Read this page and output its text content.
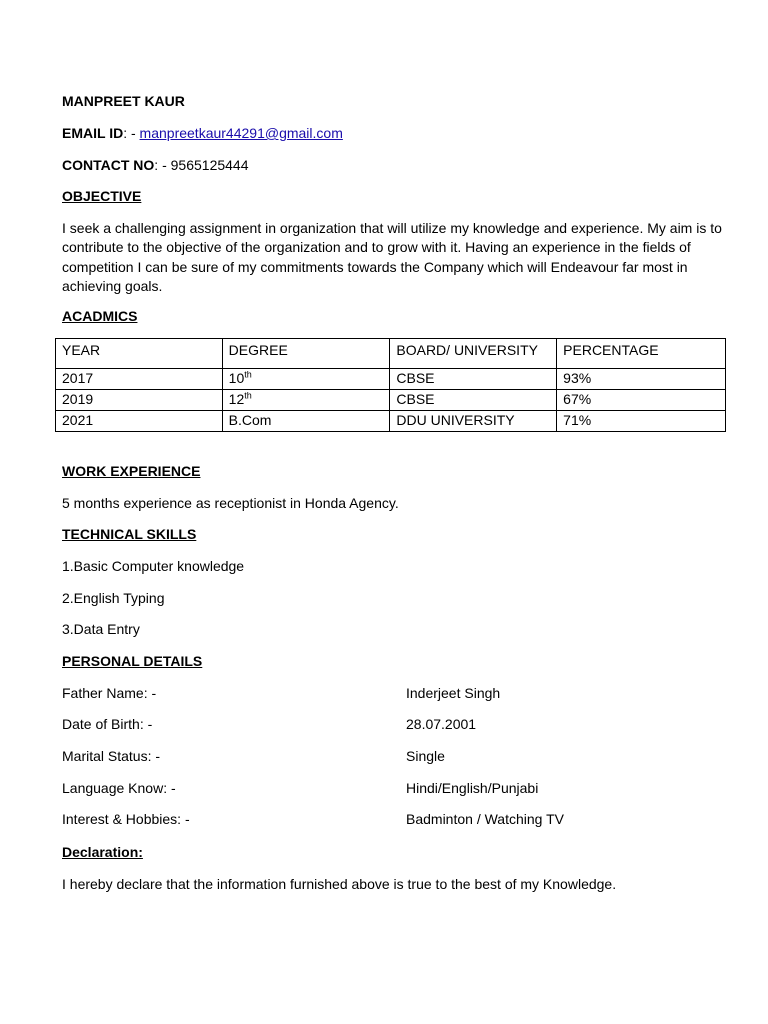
MANPREET KAUR
EMAIL ID: - manpreetkaur44291@gmail.com
CONTACT NO: - 9565125444
OBJECTIVE
I seek a challenging assignment in organization that will utilize my knowledge and experience. My aim is to contribute to the objective of the organization and to grow with it. Having an experience in the fields of competition I can be sure of my commitments towards the Company which will Endeavour far most in achieving goals.
ACADMICS
YEAR	DEGREE	BOARD/ UNIVERSITY	PERCENTAGE
2017	10th	CBSE	93%
2019	12th	CBSE	67%
2021	B.Com	DDU UNIVERSITY	71%
WORK EXPERIENCE
5 months experience as receptionist in Honda Agency.
TECHNICAL SKILLS
1.Basic Computer knowledge
2.English Typing
3.Data Entry
PERSONAL DETAILS
Father Name: -	Inderjeet Singh
Date of Birth: -	28.07.2001
Marital Status: -	Single
Language Know: -	Hindi/English/Punjabi
Interest & Hobbies: -	Badminton / Watching TV
Declaration:
I hereby declare that the information furnished above is true to the best of my Knowledge.
